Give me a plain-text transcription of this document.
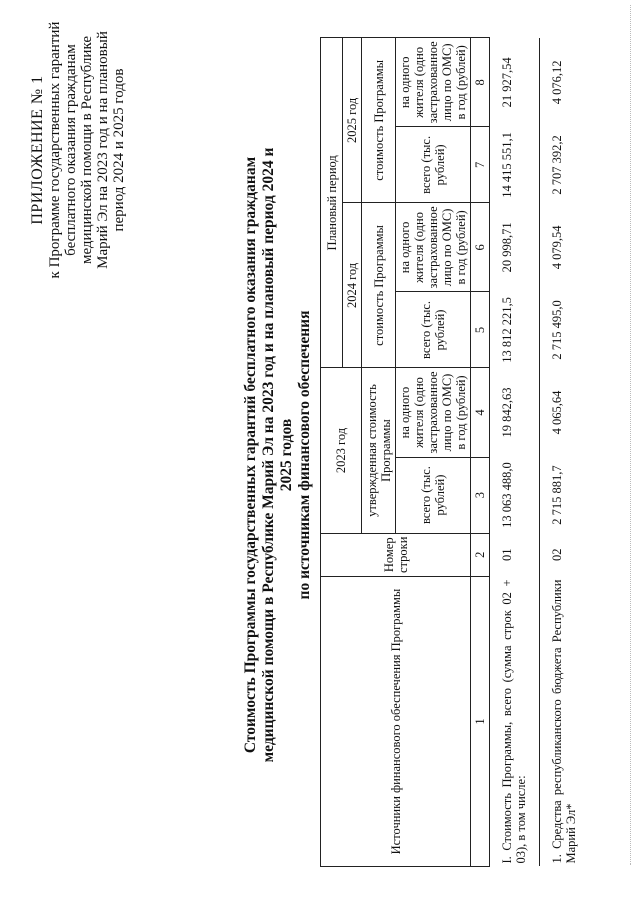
ПРИЛОЖЕНИЕ № 1 к Программе государственных гарантий бесплатного оказания гражданам медицинской помощи в Республике Марий Эл на 2023 год и на плановый период 2024 и 2025 годов
Стоимость Программы государственных гарантий бесплатного оказания гражданам медицинской помощи в Республике Марий Эл на 2023 год и на плановый период 2024 и 2025 годов по источникам финансового обеспечения
Источники финансового обеспечения Программы	Номер строки	2023 год		Плановый период			
				2024 год		2025 год	
		утвержденная стоимость Программы		стоимость Программы		стоимость Программы	
		всего (тыс. рублей)	на одного жителя (одно застрахованное лицо по ОМС) в год (рублей)	всего (тыс. рублей)	на одного жителя (одно застрахованное лицо по ОМС) в год (рублей)	всего (тыс. рублей)	на одного жителя (одно застрахованное лицо по ОМС) в год (рублей)
1	2	3	4	5	6	7	8
I. Стоимость Программы, всего (сумма строк 02 + 03), в том числе:	01	13 063 488,0	19 842,63	13 812 221,5	20 998,71	14 415 551,1	21 927,54
1. Средства республиканского бюджета Республики Марий Эл*	02	2 715 881,7	4 065,64	2 715 495,0	4 079,54	2 707 392,2	4 076,12
